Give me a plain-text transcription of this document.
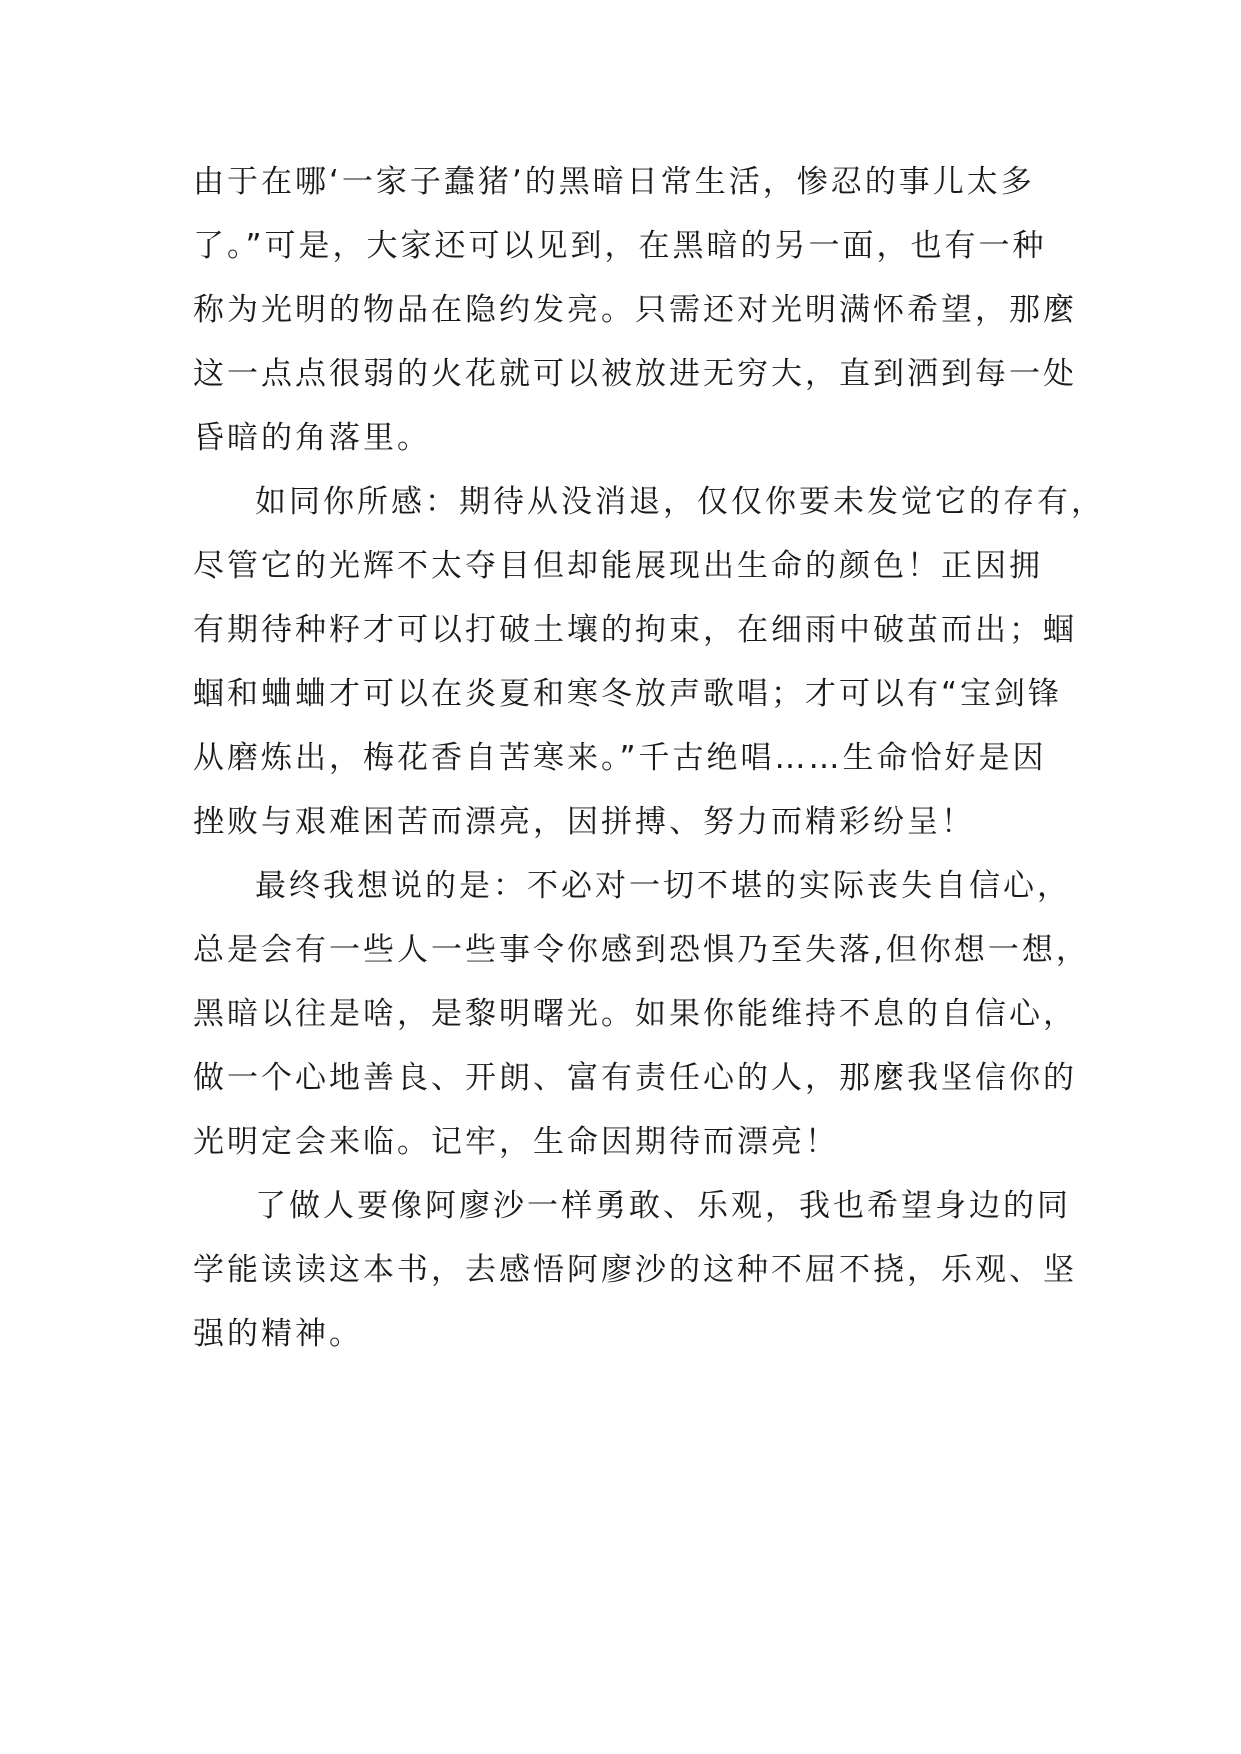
由于在哪‘一家子蠢猪’的黑暗日常生活，惨忍的事儿太多
了。”可是，大家还可以见到，在黑暗的另一面，也有一种
称为光明的物品在隐约发亮。只需还对光明满怀希望，那麼
这一点点很弱的火花就可以被放进无穷大，直到洒到每一处
昏暗的角落里。

如同你所感：期待从没消退，仅仅你要未发觉它的存有，
尽管它的光辉不太夺目但却能展现出生命的颜色！正因拥
有期待种籽才可以打破土壤的拘束，在细雨中破茧而出；蝈
蝈和蛐蛐才可以在炎夏和寒冬放声歌唱；才可以有“宝剑锋
从磨炼出，梅花香自苦寒来。”千古绝唱……生命恰好是因
挫败与艰难困苦而漂亮，因拼搏、努力而精彩纷呈！

最终我想说的是：不必对一切不堪的实际丧失自信心，
总是会有一些人一些事令你感到恐惧乃至失落,但你想一想，
黑暗以往是啥，是黎明曙光。如果你能维持不息的自信心，
做一个心地善良、开朗、富有责任心的人，那麼我坚信你的
光明定会来临。记牢，生命因期待而漂亮！

了做人要像阿廖沙一样勇敢、乐观，我也希望身边的同
学能读读这本书，去感悟阿廖沙的这种不屈不挠，乐观、坚
强的精神。
